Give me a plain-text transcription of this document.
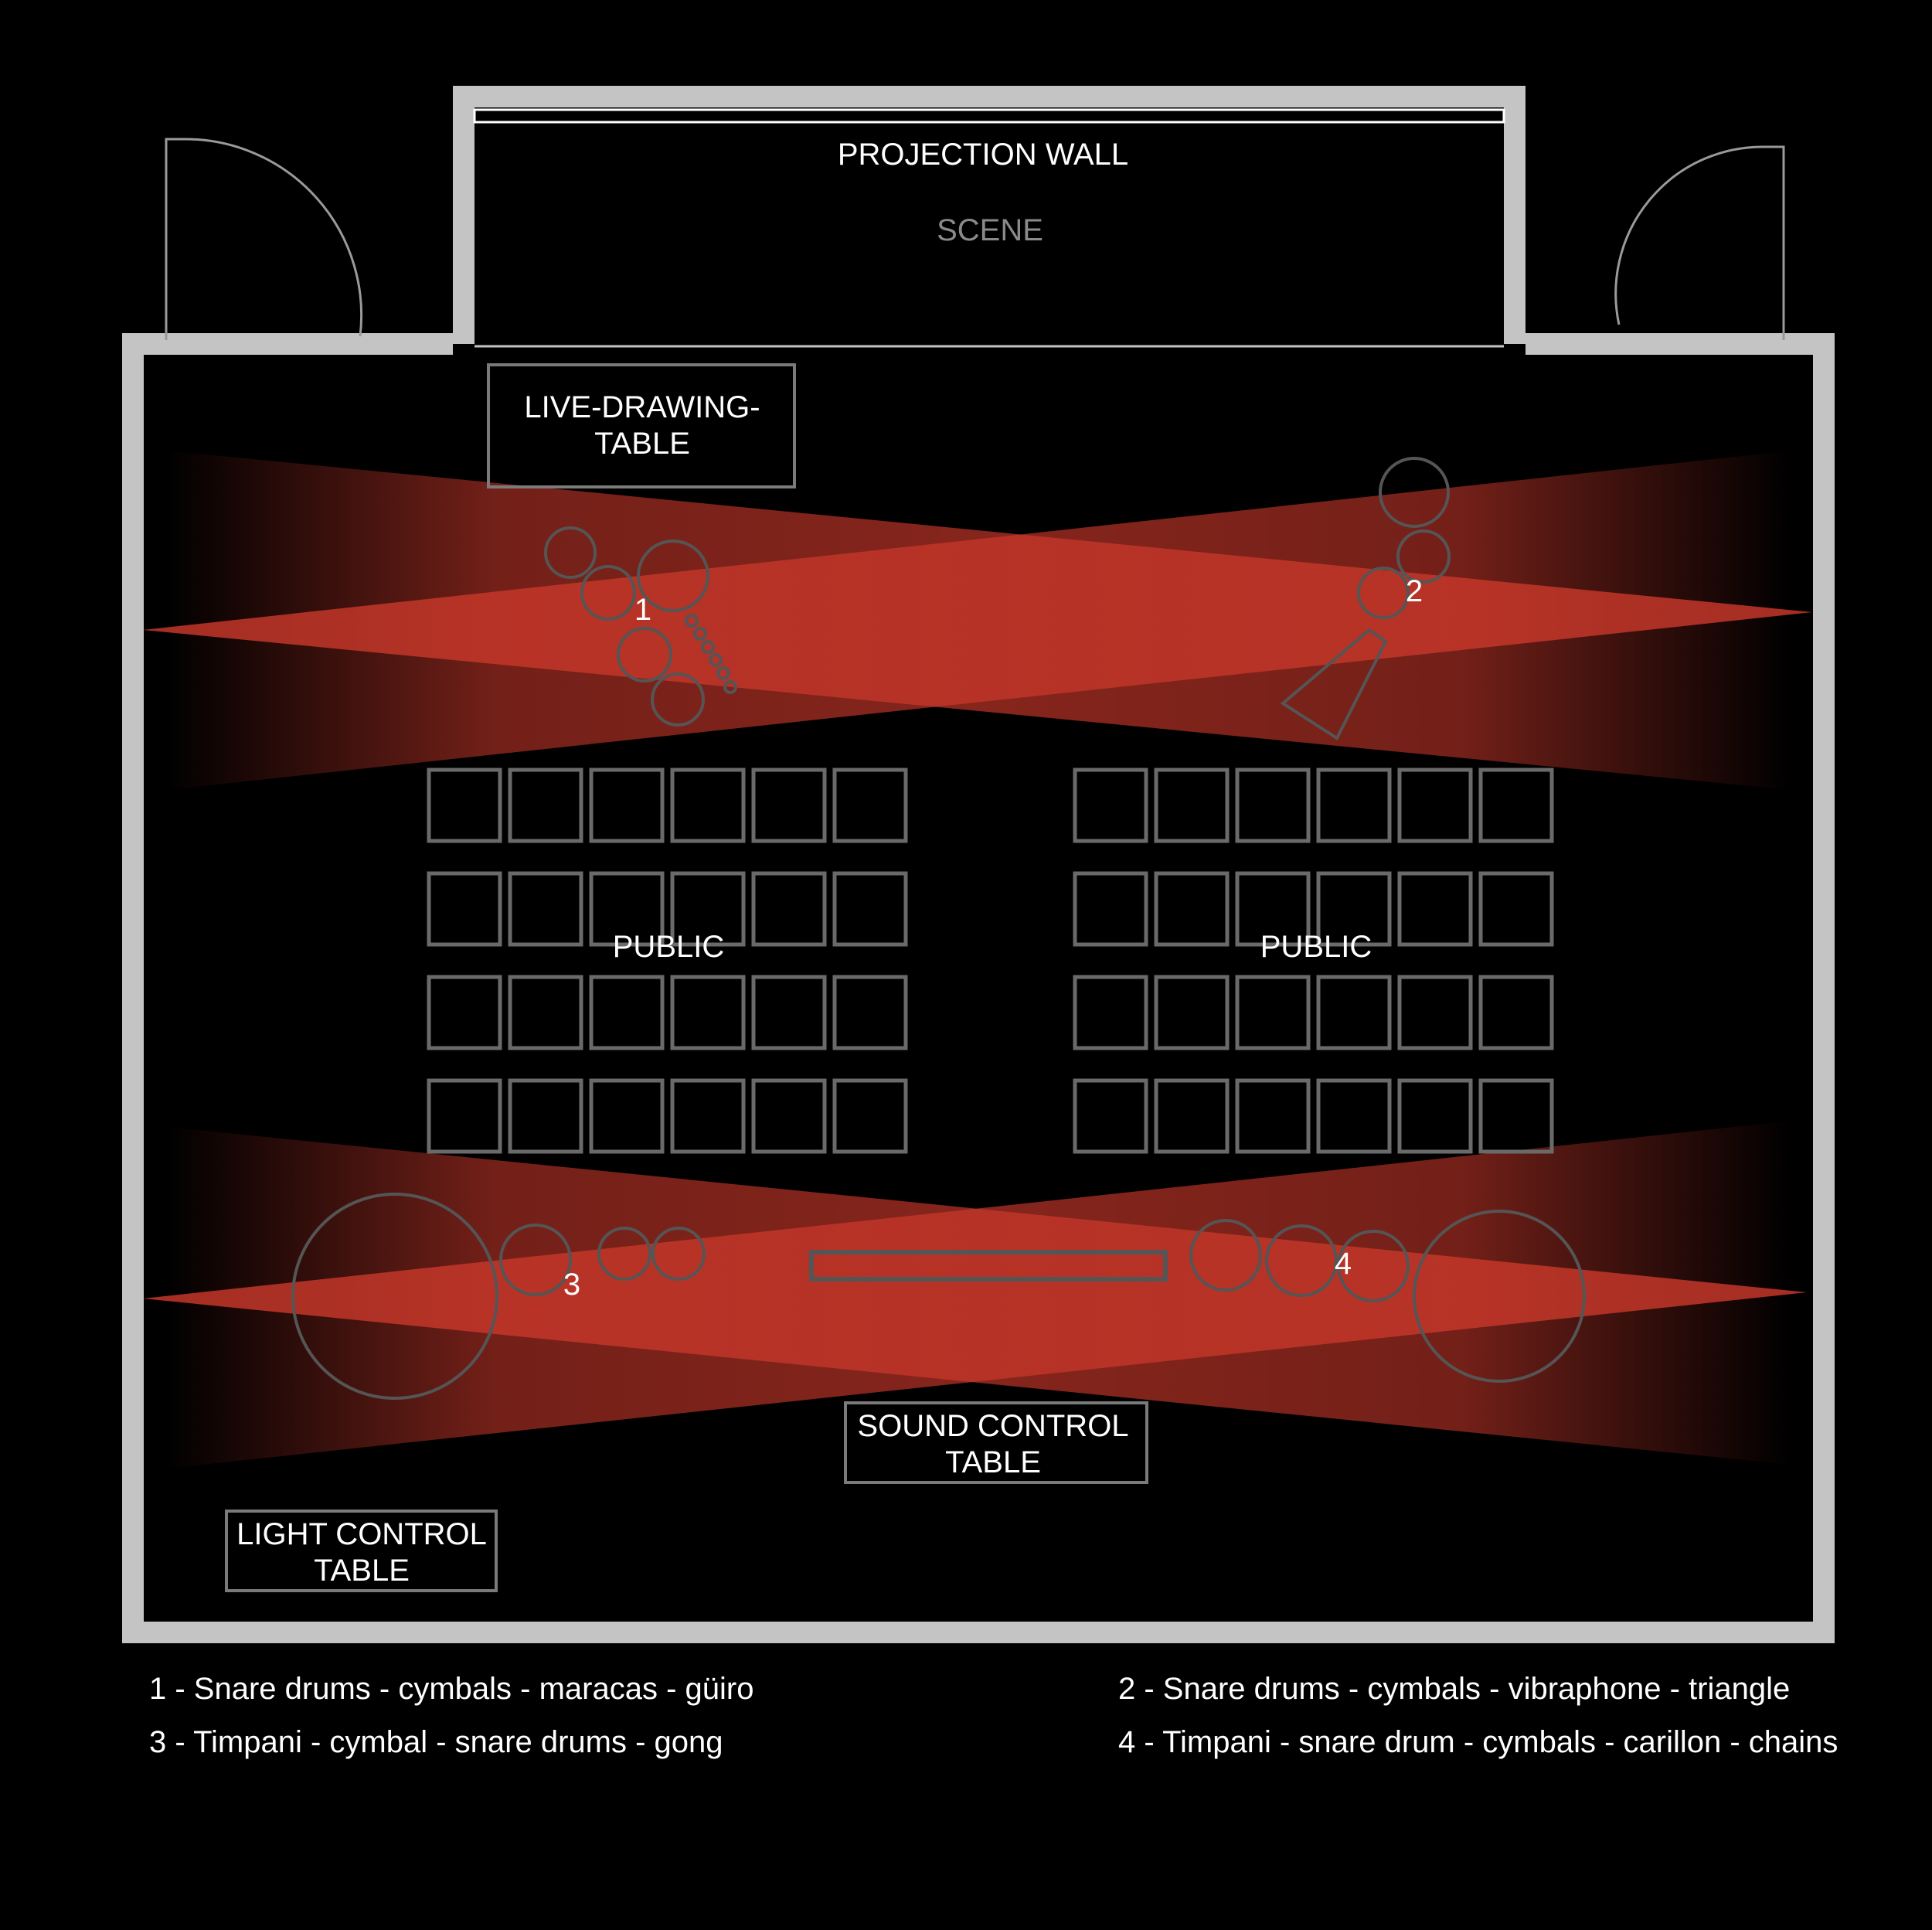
PROJECTION WALL
SCENE
LIVE-DRAWING-
TABLE
PUBLIC	PUBLIC
SOUND CONTROL
TABLE
LIGHT CONTROL
TABLE
1
2
3
4
1 - Snare drums - cymbals - maracas - güiro	2 - Snare drums - cymbals - vibraphone - triangle
3 - Timpani - cymbal - snare drums - gong	4 - Timpani - snare drum - cymbals - carillon - chains
